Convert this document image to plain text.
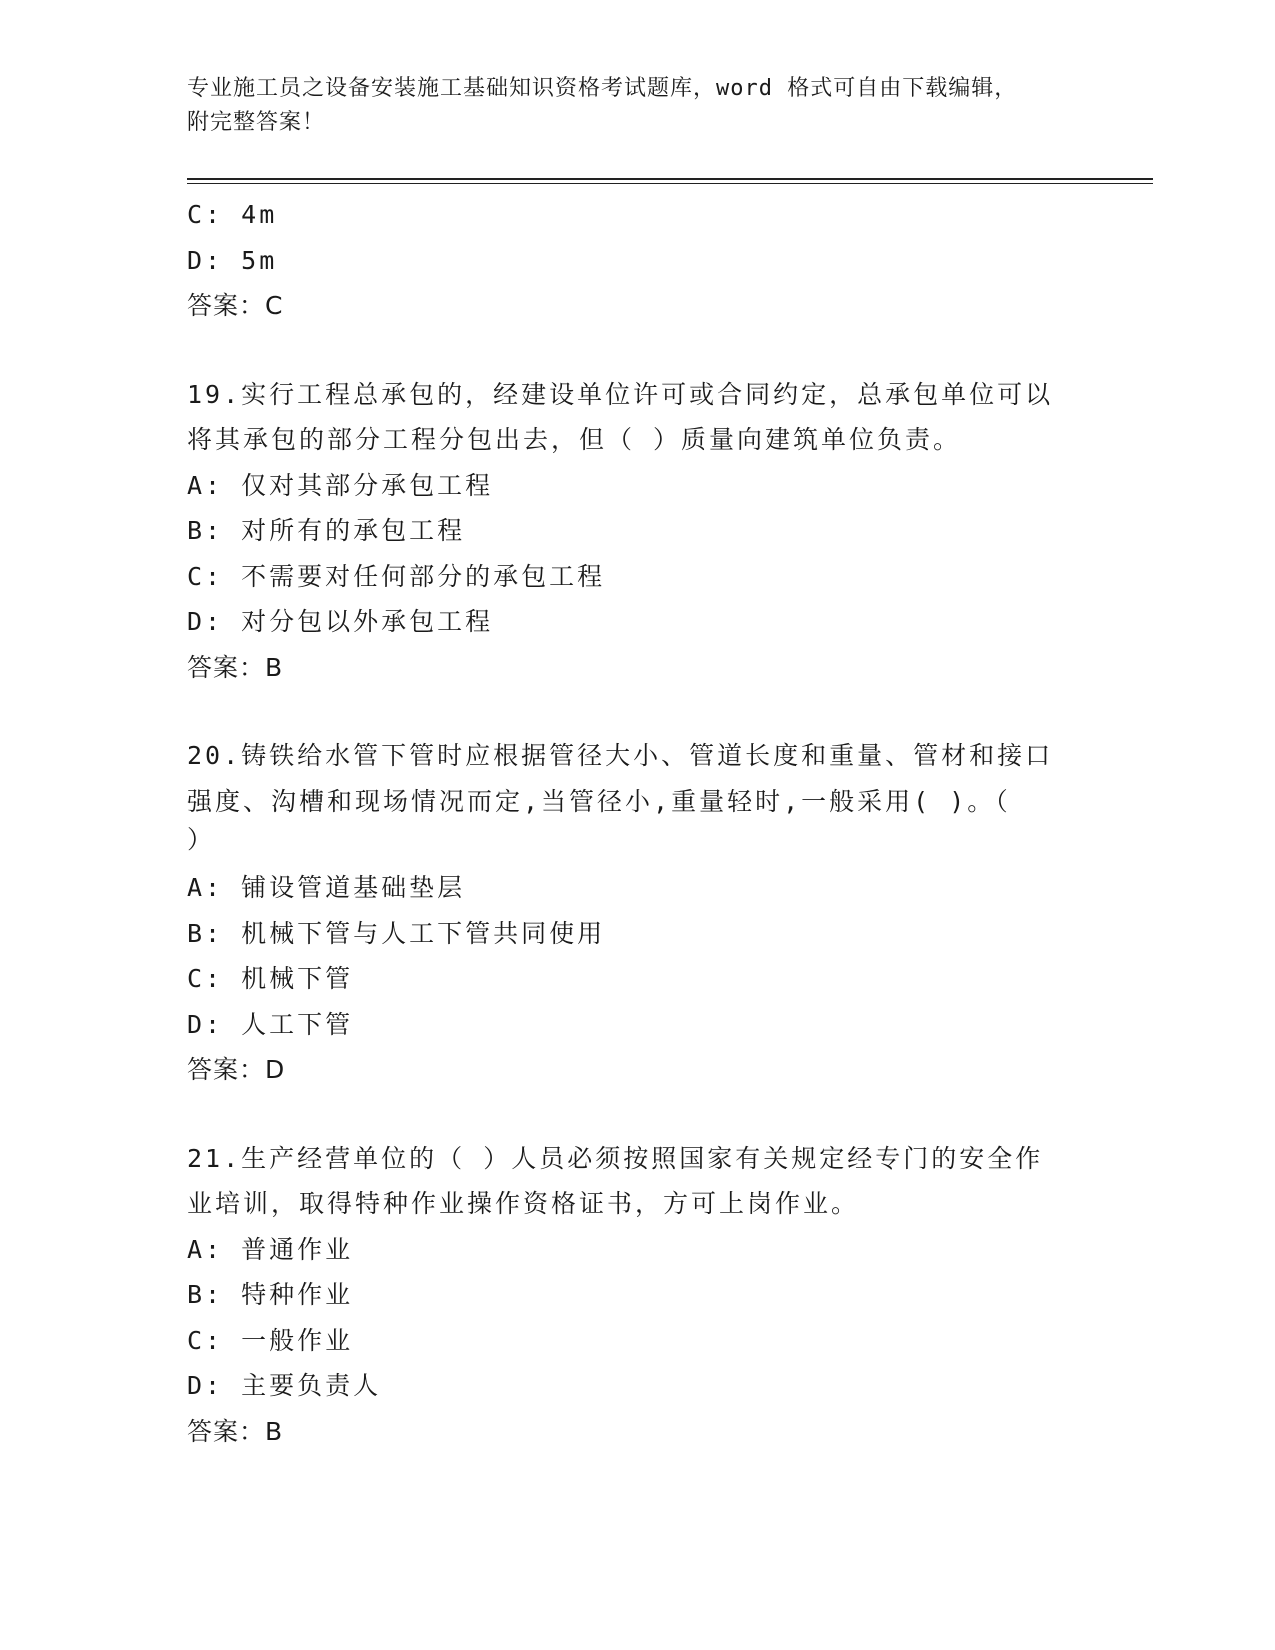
专业施工员之设备安装施工基础知识资格考试题库，word 格式可自由下载编辑，
附完整答案！
C: 4m
D: 5m
答案：C
19.实行工程总承包的，经建设单位许可或合同约定，总承包单位可以
将其承包的部分工程分包出去，但（ ）质量向建筑单位负责。
A: 仅对其部分承包工程
B: 对所有的承包工程
C: 不需要对任何部分的承包工程
D: 对分包以外承包工程
答案：B
20.铸铁给水管下管时应根据管径大小、管道长度和重量、管材和接口
强度、沟槽和现场情况而定,当管径小,重量轻时,一般采用( )。（
）
A: 铺设管道基础垫层
B: 机械下管与人工下管共同使用
C: 机械下管
D: 人工下管
答案：D
21.生产经营单位的（ ）人员必须按照国家有关规定经专门的安全作
业培训，取得特种作业操作资格证书，方可上岗作业。
A: 普通作业
B: 特种作业
C: 一般作业
D: 主要负责人
答案：B
